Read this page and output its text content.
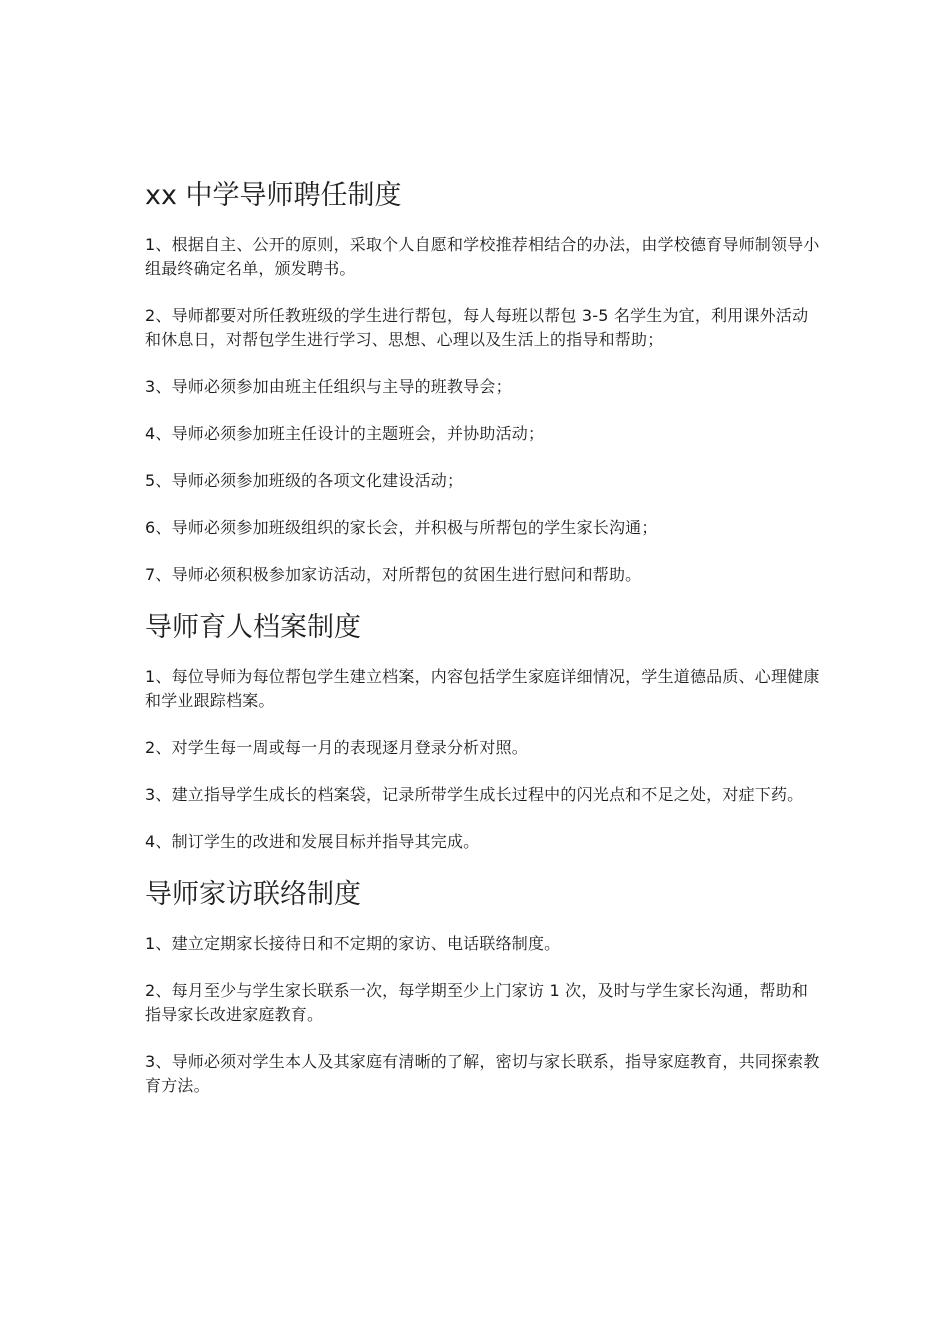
xx 中学导师聘任制度

1、根据自主、公开的原则，采取个人自愿和学校推荐相结合的办法，由学校德育导师制领导小组最终确定名单，颁发聘书。

2、导师都要对所任教班级的学生进行帮包，每人每班以帮包 3-5 名学生为宜，利用课外活动和休息日，对帮包学生进行学习、思想、心理以及生活上的指导和帮助；

3、导师必须参加由班主任组织与主导的班教导会；

4、导师必须参加班主任设计的主题班会，并协助活动；

5、导师必须参加班级的各项文化建设活动；

6、导师必须参加班级组织的家长会，并积极与所帮包的学生家长沟通；

7、导师必须积极参加家访活动，对所帮包的贫困生进行慰问和帮助。

导师育人档案制度

1、每位导师为每位帮包学生建立档案，内容包括学生家庭详细情况，学生道德品质、心理健康和学业跟踪档案。

2、对学生每一周或每一月的表现逐月登录分析对照。

3、建立指导学生成长的档案袋，记录所带学生成长过程中的闪光点和不足之处，对症下药。

4、制订学生的改进和发展目标并指导其完成。

导师家访联络制度

1、建立定期家长接待日和不定期的家访、电话联络制度。

2、每月至少与学生家长联系一次，每学期至少上门家访 1 次，及时与学生家长沟通，帮助和指导家长改进家庭教育。

3、导师必须对学生本人及其家庭有清晰的了解，密切与家长联系，指导家庭教育，共同探索教育方法。
